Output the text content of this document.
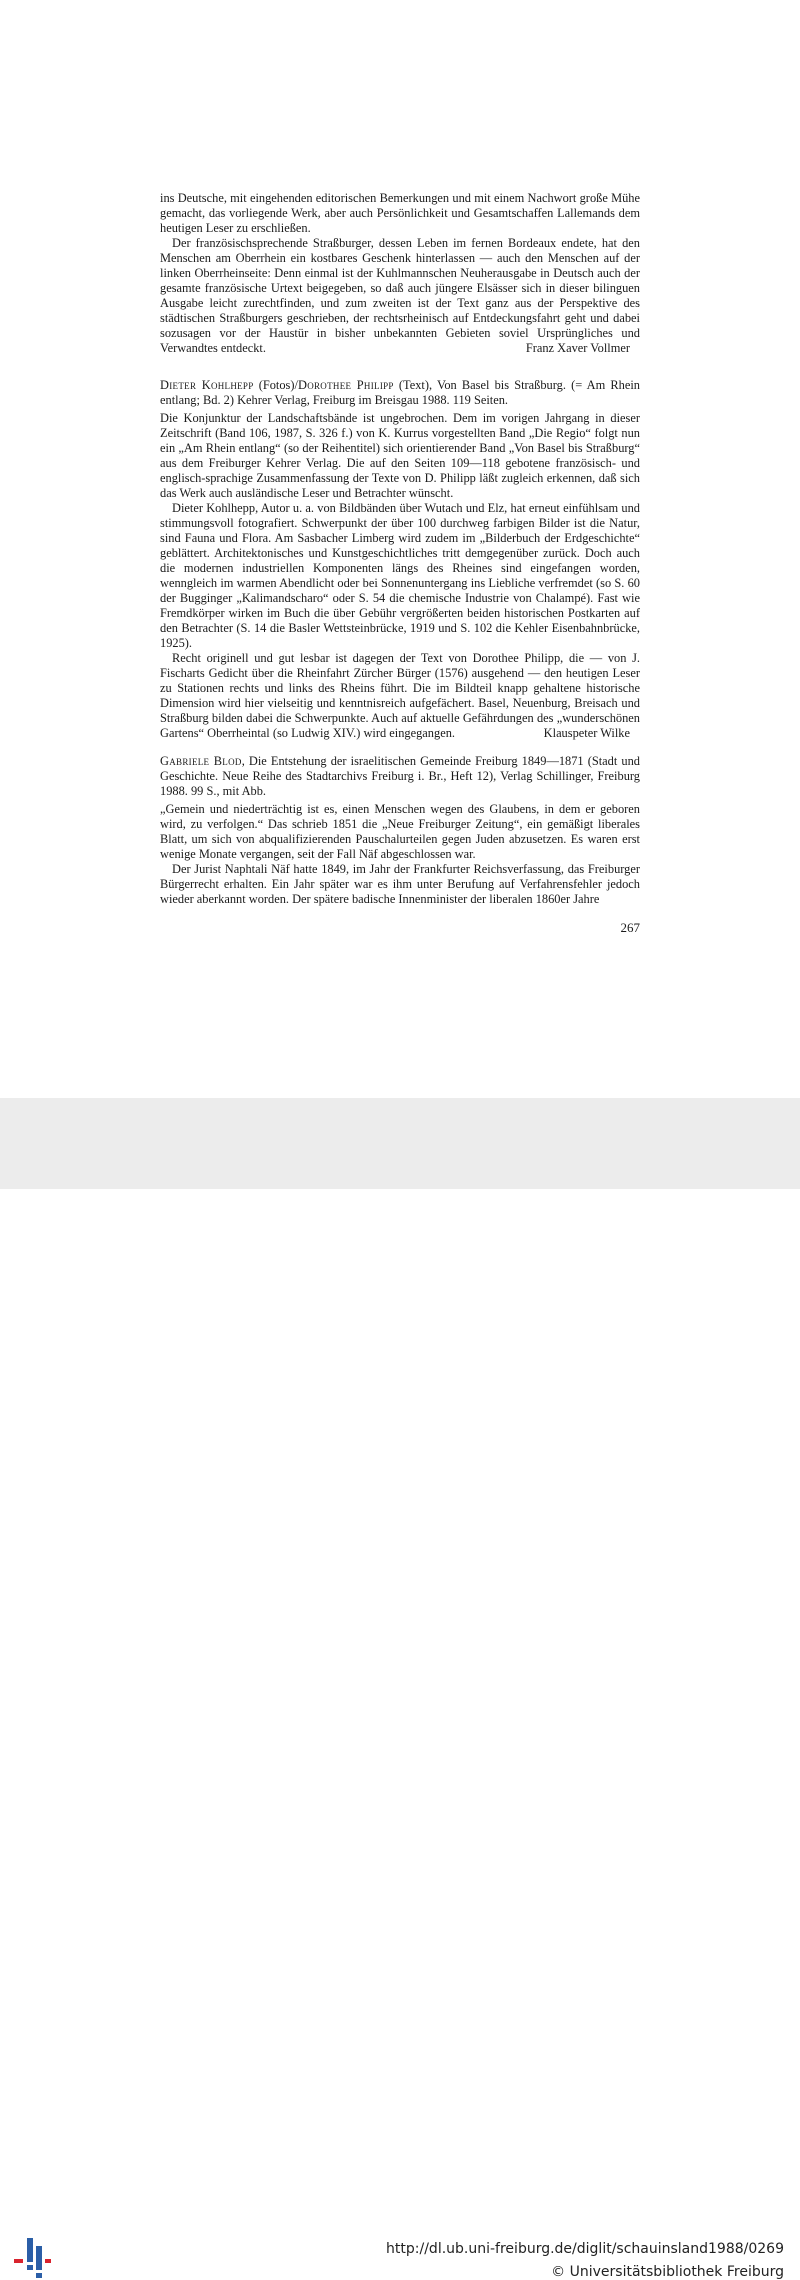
ins Deutsche, mit eingehenden editorischen Bemerkungen und mit einem Nachwort große Mühe gemacht, das vorliegende Werk, aber auch Persönlichkeit und Gesamtschaffen Lallemands dem heutigen Leser zu erschließen.

Der französischsprechende Straßburger, dessen Leben im fernen Bordeaux endete, hat den Menschen am Oberrhein ein kostbares Geschenk hinterlassen — auch den Menschen auf der linken Oberrheinseite: Denn einmal ist der Kuhlmannschen Neuherausgabe in Deutsch auch der gesamte französische Urtext beigegeben, so daß auch jüngere Elsässer sich in dieser bilinguen Ausgabe leicht zurechtfinden, und zum zweiten ist der Text ganz aus der Perspektive des städtischen Straßburgers geschrieben, der rechtsrheinisch auf Entdeckungsfahrt geht und dabei sozusagen vor der Haustür in bisher unbekannten Gebieten soviel Ursprüngliches und Verwandtes entdeckt.	Franz Xaver Vollmer

Dieter Kohlhepp (Fotos)/Dorothee Philipp (Text), Von Basel bis Straßburg. (= Am Rhein entlang; Bd. 2) Kehrer Verlag, Freiburg im Breisgau 1988. 119 Seiten.

Die Konjunktur der Landschaftsbände ist ungebrochen. Dem im vorigen Jahrgang in dieser Zeitschrift (Band 106, 1987, S. 326 f.) von K. Kurrus vorgestellten Band „Die Regio“ folgt nun ein „Am Rhein entlang“ (so der Reihentitel) sich orientierender Band „Von Basel bis Straßburg“ aus dem Freiburger Kehrer Verlag. Die auf den Seiten 109—118 gebotene französisch- und englisch-sprachige Zusammenfassung der Texte von D. Philipp läßt zugleich erkennen, daß sich das Werk auch ausländische Leser und Betrachter wünscht.

Dieter Kohlhepp, Autor u. a. von Bildbänden über Wutach und Elz, hat erneut einfühlsam und stimmungsvoll fotografiert. Schwerpunkt der über 100 durchweg farbigen Bilder ist die Natur, sind Fauna und Flora. Am Sasbacher Limberg wird zudem im „Bilderbuch der Erdgeschichte“ geblättert. Architektonisches und Kunstgeschichtliches tritt demgegenüber zurück. Doch auch die modernen industriellen Komponenten längs des Rheines sind eingefangen worden, wenngleich im warmen Abendlicht oder bei Sonnenuntergang ins Liebliche verfremdet (so S. 60 der Bugginger „Kalimandscharo“ oder S. 54 die chemische Industrie von Chalampé). Fast wie Fremdkörper wirken im Buch die über Gebühr vergrößerten beiden historischen Postkarten auf den Betrachter (S. 14 die Basler Wettsteinbrücke, 1919 und S. 102 die Kehler Eisenbahnbrücke, 1925).

Recht originell und gut lesbar ist dagegen der Text von Dorothee Philipp, die — von J. Fischarts Gedicht über die Rheinfahrt Zürcher Bürger (1576) ausgehend — den heutigen Leser zu Stationen rechts und links des Rheins führt. Die im Bildteil knapp gehaltene historische Dimension wird hier vielseitig und kenntnisreich aufgefächert. Basel, Neuenburg, Breisach und Straßburg bilden dabei die Schwerpunkte. Auch auf aktuelle Gefährdungen des „wunderschönen Gartens“ Oberrheintal (so Ludwig XIV.) wird eingegangen.	Klauspeter Wilke

Gabriele Blod, Die Entstehung der israelitischen Gemeinde Freiburg 1849—1871 (Stadt und Geschichte. Neue Reihe des Stadtarchivs Freiburg i. Br., Heft 12), Verlag Schillinger, Freiburg 1988. 99 S., mit Abb.

„Gemein und niederträchtig ist es, einen Menschen wegen des Glaubens, in dem er geboren wird, zu verfolgen.“ Das schrieb 1851 die „Neue Freiburger Zeitung“, ein gemäßigt liberales Blatt, um sich von abqualifizierenden Pauschalurteilen gegen Juden abzusetzen. Es waren erst wenige Monate vergangen, seit der Fall Näf abgeschlossen war.

Der Jurist Naphtali Näf hatte 1849, im Jahr der Frankfurter Reichsverfassung, das Freiburger Bürgerrecht erhalten. Ein Jahr später war es ihm unter Berufung auf Verfahrensfehler jedoch wieder aberkannt worden. Der spätere badische Innenminister der liberalen 1860er Jahre

267
http://dl.ub.uni-freiburg.de/diglit/schauinsland1988/0269
© Universitätsbibliothek Freiburg
